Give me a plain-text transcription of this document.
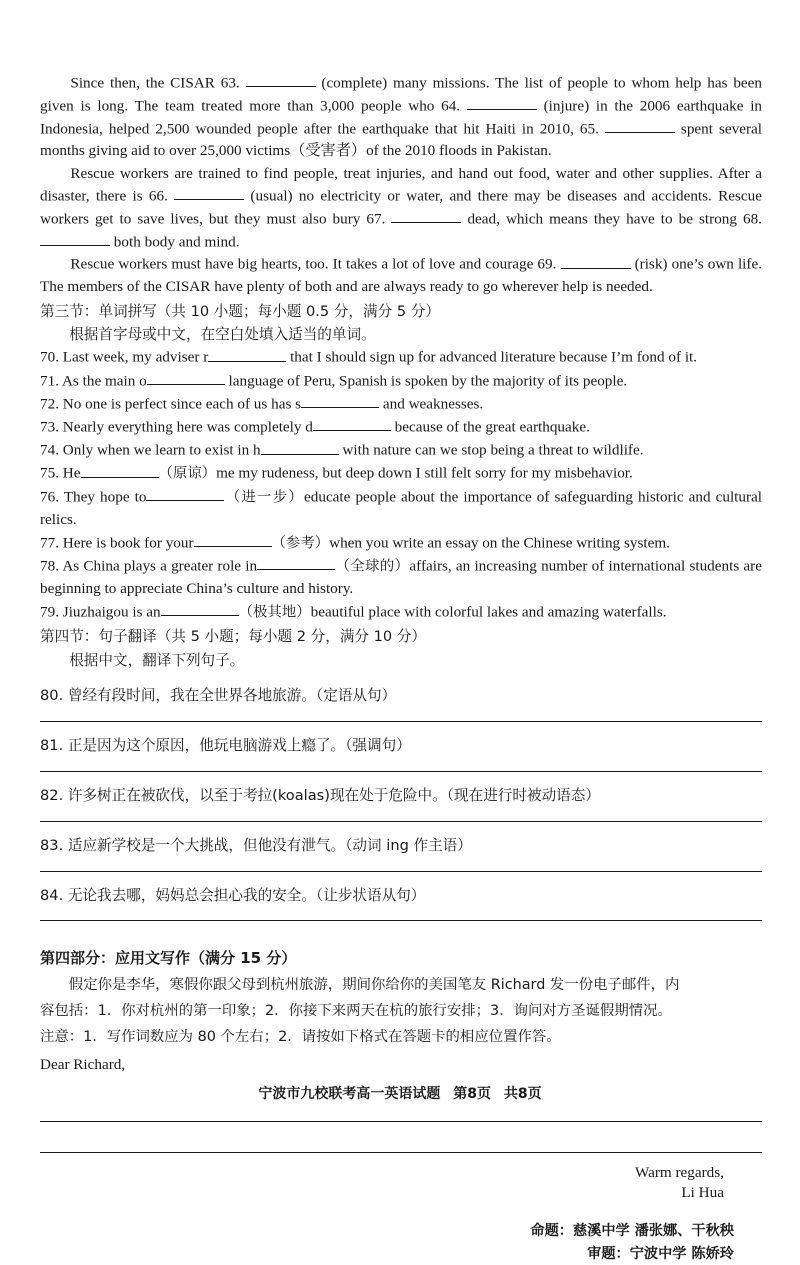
Since then, the CISAR 63.	(complete) many missions. The list of people to whom help has been given is long. The team treated more than 3,000 people who 64.	(injure) in the 2006 earthquake in Indonesia, helped 2,500 wounded people after the earthquake that hit Haiti in 2010, 65.	spent several months giving aid to over 25,000 victims（受害者）of the 2010 floods in Pakistan.

Rescue workers are trained to find people, treat injuries, and hand out food, water and other supplies. After a disaster, there is 66.	(usual) no electricity or water, and there may be diseases and accidents. Rescue workers get to save lives, but they must also bury 67.	dead, which means they have to be strong 68.  both body and mind.

Rescue workers must have big hearts, too. It takes a lot of love and courage 69.	(risk) one’s own life. The members of the CISAR have plenty of both and are always ready to go wherever help is needed.

第三节：单词拼写（共 10 小题；每小题 0.5 分，满分 5 分）

根据首字母或中文，在空白处填入适当的单词。

70. Last week, my adviser r	that I should sign up for advanced literature because I’m fond of it.

71. As the main o	language of Peru, Spanish is spoken by the majority of its people.

72. No one is perfect since each of us has s	and weaknesses.

73. Nearly everything here was completely d	because of the great earthquake.

74. Only when we learn to exist in h	with nature can we stop being a threat to wildlife.

75. He	（原谅）me my rudeness, but deep down I still felt sorry for my misbehavior.

76. They hope to	（进一步）educate people about the importance of safeguarding historic and cultural relics.

77. Here is book for your	（参考）when you write an essay on the Chinese writing system.

78. As China plays a greater role in	（全球的）affairs, an increasing number of international students are beginning to appreciate China’s culture and history.

79. Jiuzhaigou is an	（极其地）beautiful place with colorful lakes and amazing waterfalls.

第四节：句子翻译（共 5 小题；每小题 2 分，满分 10 分）

根据中文，翻译下列句子。

80. 曾经有段时间，我在全世界各地旅游。（定语从句）

81. 正是因为这个原因，他玩电脑游戏上瘾了。（强调句）

82. 许多树正在被砍伐，以至于考拉(koalas)现在处于危险中。（现在进行时被动语态）

83. 适应新学校是一个大挑战，但他没有泄气。（动词 ing 作主语）

84. 无论我去哪，妈妈总会担心我的安全。（让步状语从句）

第四部分：应用文写作（满分 15 分）

假定你是李华，寒假你跟父母到杭州旅游，期间你给你的美国笔友 Richard 发一份电子邮件，内

容包括：1．你对杭州的第一印象；2．你接下来两天在杭的旅行安排；3．询问对方圣诞假期情况。

注意：1．写作词数应为 80 个左右；2．请按如下格式在答题卡的相应位置作答。

Dear Richard,

Warm regards,
Li Hua
命题：慈溪中学 潘张娜、干秋秧
审题：宁波中学 陈娇玲
宁波市九校联考高一英语试题 第8页 共8页
